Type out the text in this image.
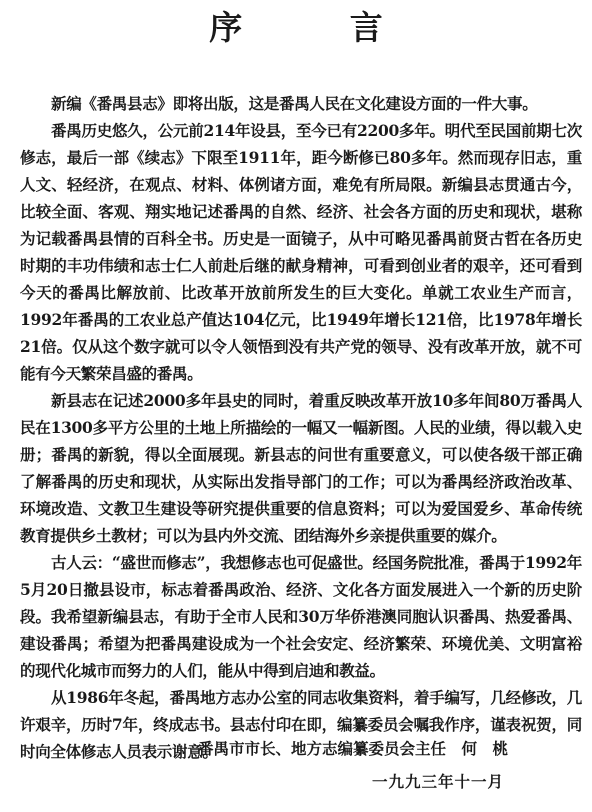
序 言

新编《番禺县志》即将出版，这是番禺人民在文化建设方面的一件大事。

番禺历史悠久，公元前214年设县，至今已有2200多年。明代至民国前期七次修志，最后一部《续志》下限至1911年，距今断修已80多年。然而现存旧志，重人文、轻经济，在观点、材料、体例诸方面，难免有所局限。新编县志贯通古今，比较全面、客观、翔实地记述番禺的自然、经济、社会各方面的历史和现状，堪称为记载番禺县情的百科全书。历史是一面镜子，从中可略见番禺前贤古哲在各历史时期的丰功伟绩和志士仁人前赴后继的献身精神，可看到创业者的艰辛，还可看到今天的番禺比解放前、比改革开放前所发生的巨大变化。单就工农业生产而言，1992年番禺的工农业总产值达104亿元，比1949年增长121倍，比1978年增长21倍。仅从这个数字就可以令人领悟到没有共产党的领导、没有改革开放，就不可能有今天繁荣昌盛的番禺。

新县志在记述2000多年县史的同时，着重反映改革开放10多年间80万番禺人民在1300多平方公里的土地上所描绘的一幅又一幅新图。人民的业绩，得以载入史册；番禺的新貌，得以全面展现。新县志的问世有重要意义，可以使各级干部正确了解番禺的历史和现状，从实际出发指导部门的工作；可以为番禺经济政治改革、环境改造、文教卫生建设等研究提供重要的信息资料；可以为爱国爱乡、革命传统教育提供乡土教材；可以为县内外交流、团结海外乡亲提供重要的媒介。

古人云：“盛世而修志”，我想修志也可促盛世。经国务院批准，番禺于1992年5月20日撤县设市，标志着番禺政治、经济、文化各方面发展进入一个新的历史阶段。我希望新编县志，有助于全市人民和30万华侨港澳同胞认识番禺、热爱番禺、建设番禺；希望为把番禺建设成为一个社会安定、经济繁荣、环境优美、文明富裕的现代化城市而努力的人们，能从中得到启迪和教益。

从1986年冬起，番禺地方志办公室的同志收集资料，着手编写，几经修改，几许艰辛，历时7年，终成志书。县志付印在即，编纂委员会嘱我作序，谨表祝贺，同时向全体修志人员表示谢意。

番禺市市长、地方志编纂委员会主任　何　桃
一九九三年十一月
